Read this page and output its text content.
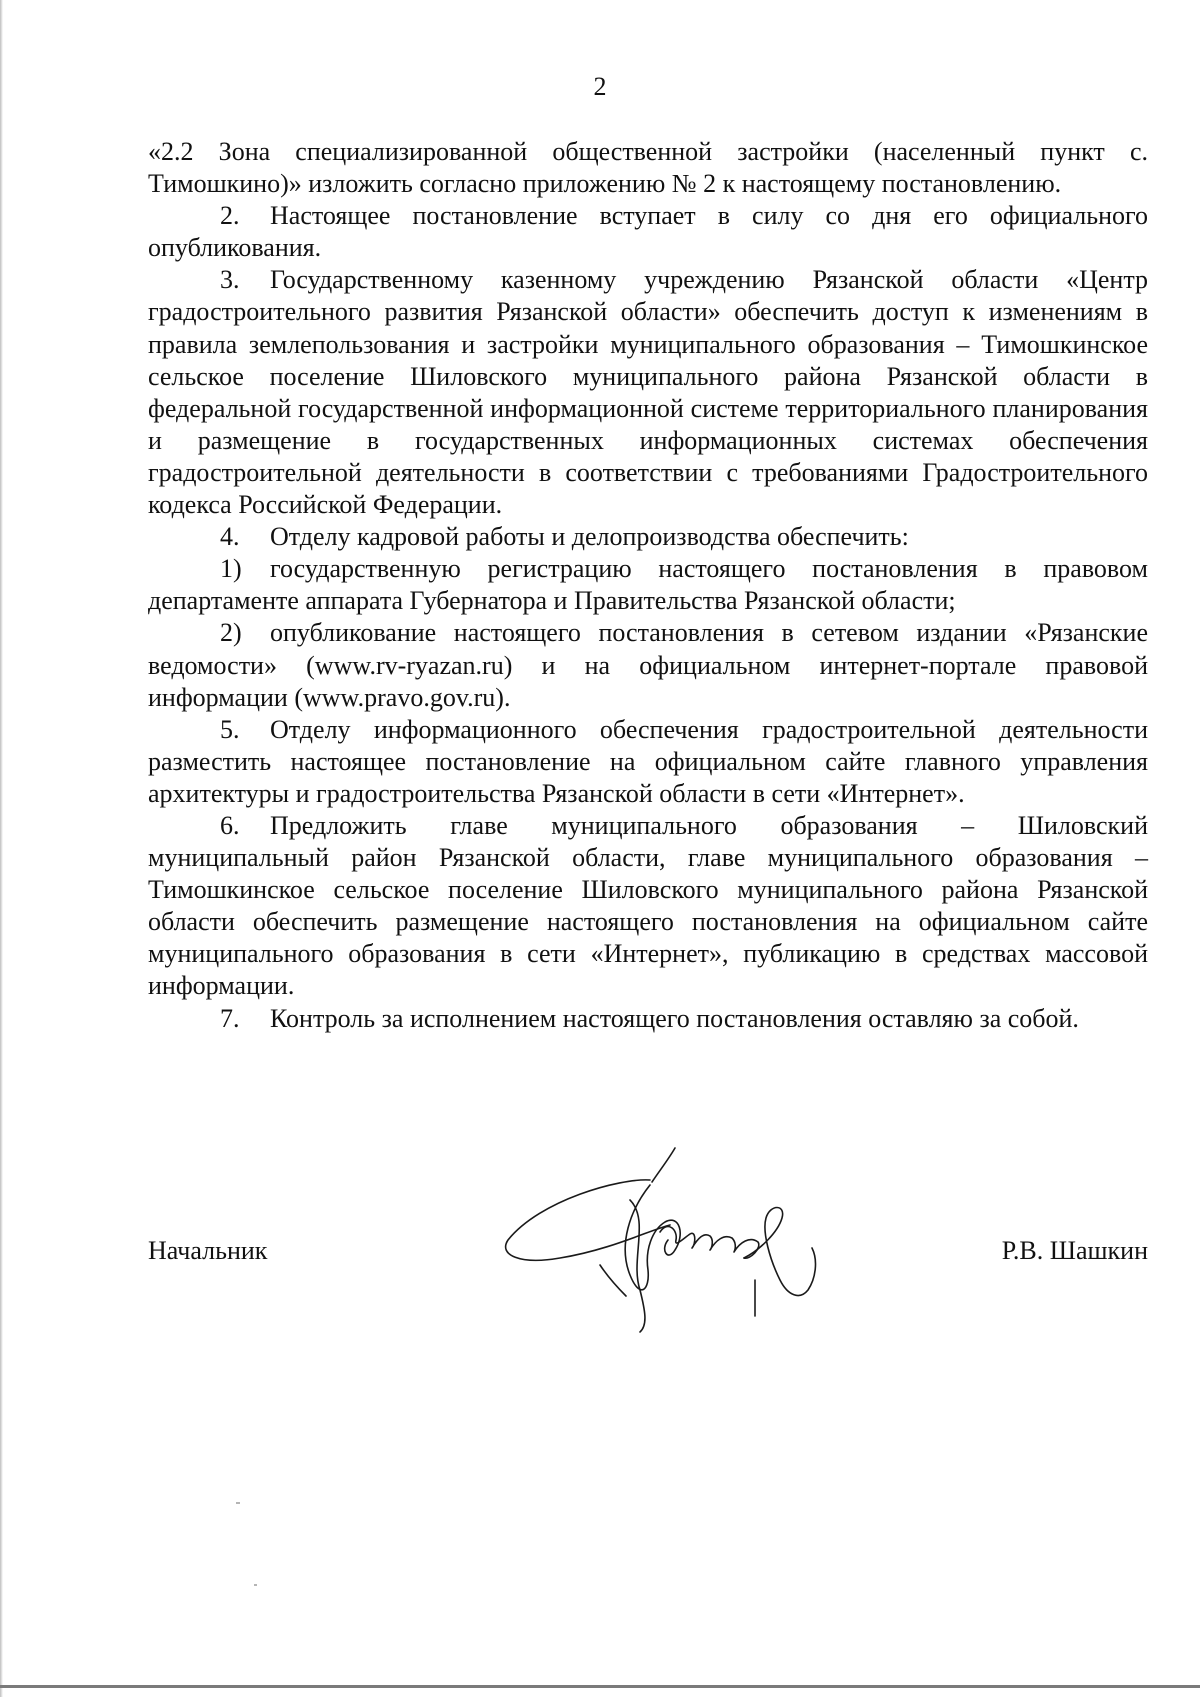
2

«2.2 Зона специализированной общественной застройки (населенный пункт с. Тимошкино)» изложить согласно приложению № 2 к настоящему постановлению.

2. Настоящее постановление вступает в силу со дня его официального опубликования.

3. Государственному казенному учреждению Рязанской области «Центр градостроительного развития Рязанской области» обеспечить доступ к изменениям в правила землепользования и застройки муниципального образования – Тимошкинское сельское поселение Шиловского муниципального района Рязанской области в федеральной государственной информационной системе территориального планирования и размещение в государственных информационных системах обеспечения градостроительной деятельности в соответствии с требованиями Градостроительного кодекса Российской Федерации.

4. Отделу кадровой работы и делопроизводства обеспечить:

1) государственную регистрацию настоящего постановления в правовом департаменте аппарата Губернатора и Правительства Рязанской области;

2) опубликование настоящего постановления в сетевом издании «Рязанские ведомости» (www.rv-ryazan.ru) и на официальном интернет-портале правовой информации (www.pravo.gov.ru).

5. Отделу информационного обеспечения градостроительной деятельности разместить настоящее постановление на официальном сайте главного управления архитектуры и градостроительства Рязанской области в сети «Интернет».

6. Предложить главе муниципального образования – Шиловский муниципальный район Рязанской области, главе муниципального образования – Тимошкинское сельское поселение Шиловского муниципального района Рязанской области обеспечить размещение настоящего постановления на официальном сайте муниципального образования в сети «Интернет», публикацию в средствах массовой информации.

7. Контроль за исполнением настоящего постановления оставляю за собой.

Начальник	Р.В. Шашкин
